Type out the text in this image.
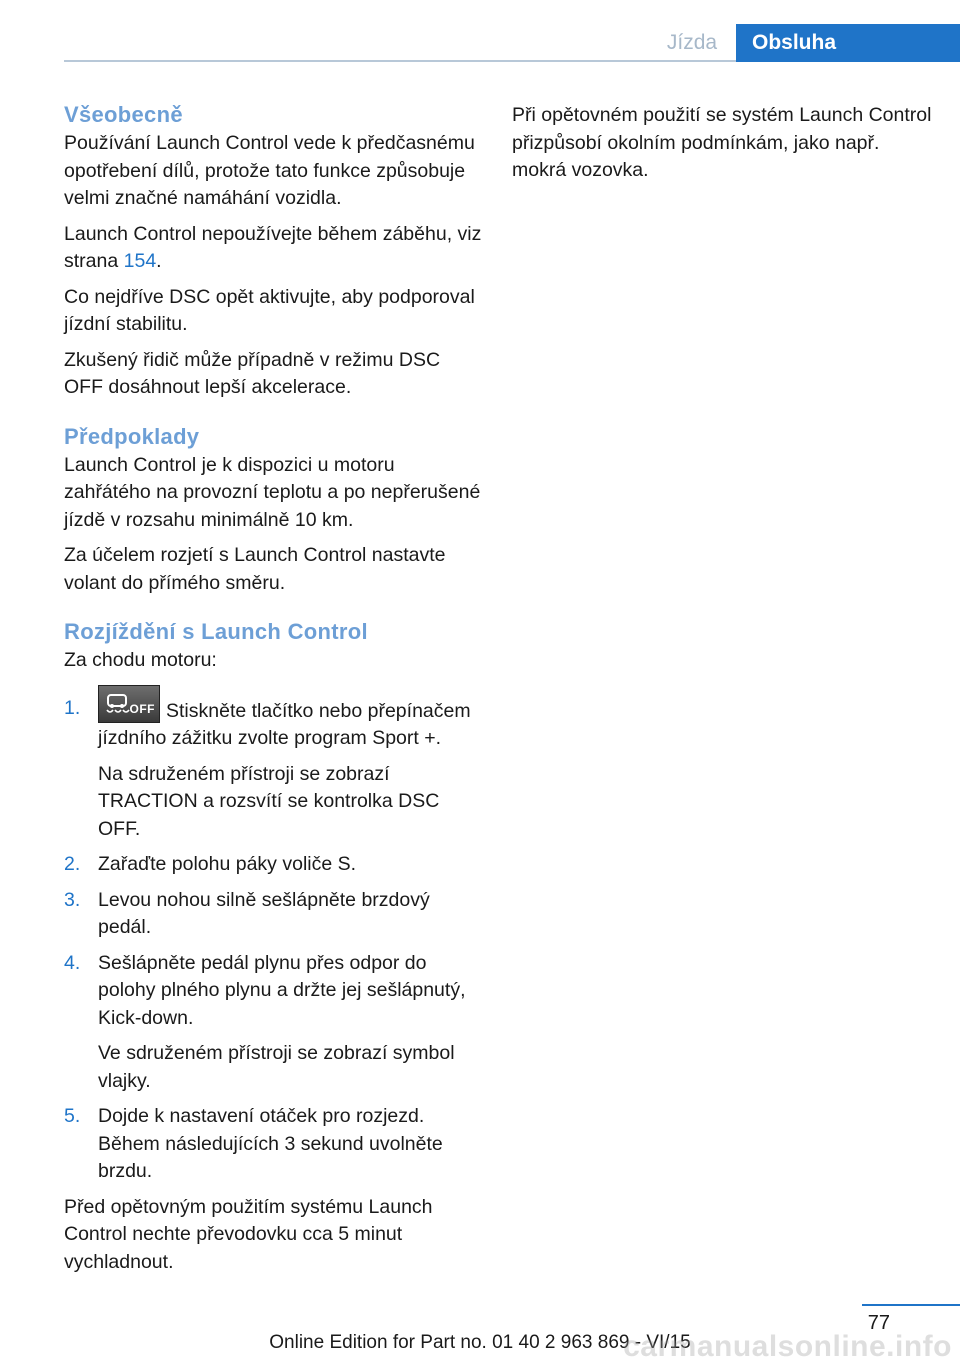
Jízda	Obsluha
Všeobecně

Používání Launch Control vede k předčasnému opotřebení dílů, protože tato funkce způsobuje velmi značné namáhání vozidla.

Launch Control nepoužívejte během záběhu, viz strana 154.

Co nejdříve DSC opět aktivujte, aby podporoval jízdní stabilitu.

Zkušený řidič může případně v režimu DSC OFF dosáhnout lepší akcelerace.

Předpoklady

Launch Control je k dispozici u motoru zahřátého na provozní teplotu a po nepřerušené jízdě v rozsahu minimálně 10 km.

Za účelem rozjetí s Launch Control nastavte volant do přímého směru.

Rozjíždění s Launch Control

Za chodu motoru:

1.	OFF Stiskněte tlačítko nebo přepínačem jízdního zážitku zvolte program Sport +.

Na sdruženém přístroji se zobrazí TRACTION a rozsvítí se kontrolka DSC OFF.

2. Zařaďte polohu páky voliče S.

3. Levou nohou silně sešlápněte brzdový pedál.

4. Sešlápněte pedál plynu přes odpor do polohy plného plynu a držte jej sešlápnutý, Kick-down.

Ve sdruženém přístroji se zobrazí symbol vlajky.

5. Dojde k nastavení otáček pro rozjezd. Během následujících 3 sekund uvolněte brzdu.

Před opětovným použitím systému Launch Control nechte převodovku cca 5 minut vychladnout.

Při opětovném použití se systém Launch Control přizpůsobí okolním podmínkám, jako např. mokrá vozovka.

77
Online Edition for Part no. 01 40 2 963 869 - VI/15
carmanualsonline.info
